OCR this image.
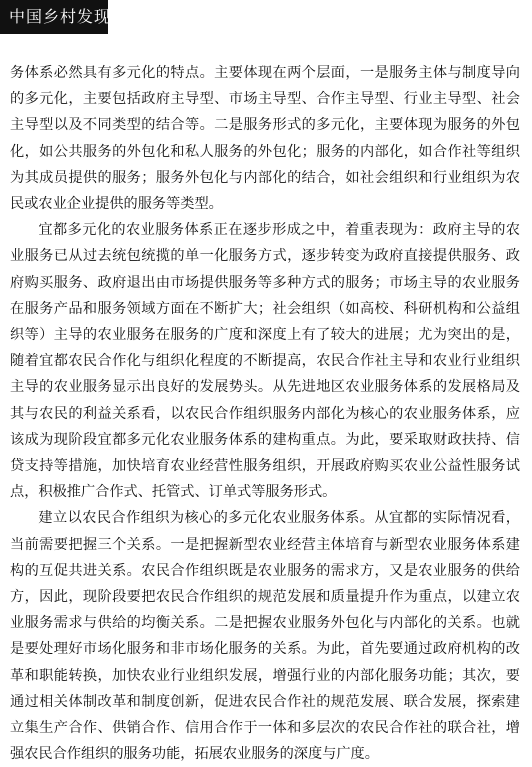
中国乡村发现

务体系必然具有多元化的特点。主要体现在两个层面，一是服务主体与制度导向的多元化，主要包括政府主导型、市场主导型、合作主导型、行业主导型、社会主导型以及不同类型的结合等。二是服务形式的多元化，主要体现为服务的外包化，如公共服务的外包化和私人服务的外包化；服务的内部化，如合作社等组织为其成员提供的服务；服务外包化与内部化的结合，如社会组织和行业组织为农民或农业企业提供的服务等类型。

宜都多元化的农业服务体系正在逐步形成之中，着重表现为：政府主导的农业服务已从过去统包统揽的单一化服务方式，逐步转变为政府直接提供服务、政府购买服务、政府退出由市场提供服务等多种方式的服务；市场主导的农业服务在服务产品和服务领域方面在不断扩大；社会组织（如高校、科研机构和公益组织等）主导的农业服务在服务的广度和深度上有了较大的进展；尤为突出的是，随着宜都农民合作化与组织化程度的不断提高，农民合作社主导和农业行业组织主导的农业服务显示出良好的发展势头。从先进地区农业服务体系的发展格局及其与农民的利益关系看，以农民合作组织服务内部化为核心的农业服务体系，应该成为现阶段宜都多元化农业服务体系的建构重点。为此，要采取财政扶持、信贷支持等措施，加快培育农业经营性服务组织，开展政府购买农业公益性服务试点，积极推广合作式、托管式、订单式等服务形式。

建立以农民合作组织为核心的多元化农业服务体系。从宜都的实际情况看，当前需要把握三个关系。一是把握新型农业经营主体培育与新型农业服务体系建构的互促共进关系。农民合作组织既是农业服务的需求方，又是农业服务的供给方，因此，现阶段要把农民合作组织的规范发展和质量提升作为重点，以建立农业服务需求与供给的均衡关系。二是把握农业服务外包化与内部化的关系。也就是要处理好市场化服务和非市场化服务的关系。为此，首先要通过政府机构的改革和职能转换，加快农业行业组织发展，增强行业的内部化服务功能；其次，要通过相关体制改革和制度创新，促进农民合作社的规范发展、联合发展，探索建立集生产合作、供销合作、信用合作于一体和多层次的农民合作社的联合社，增强农民合作组织的服务功能，拓展农业服务的深度与广度。
